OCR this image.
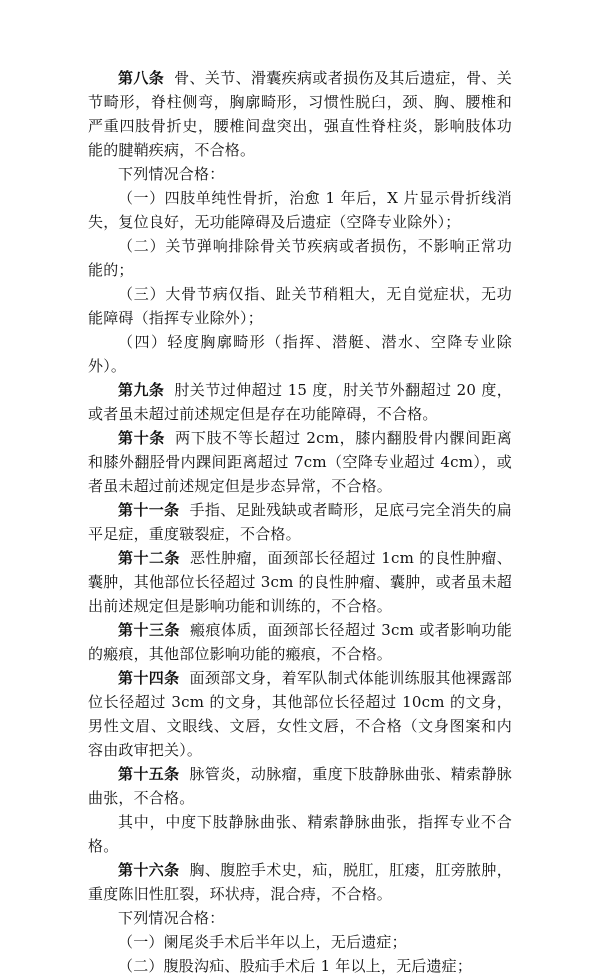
第八条 骨、关节、滑囊疾病或者损伤及其后遗症，骨、关节畸形，脊柱侧弯，胸廓畸形，习惯性脱臼，颈、胸、腰椎和严重四肢骨折史，腰椎间盘突出，强直性脊柱炎，影响肢体功能的腱鞘疾病，不合格。

下列情况合格：

（一）四肢单纯性骨折，治愈 1 年后，X 片显示骨折线消失，复位良好，无功能障碍及后遗症（空降专业除外）；

（二）关节弹响排除骨关节疾病或者损伤，不影响正常功能的；

（三）大骨节病仅指、趾关节稍粗大，无自觉症状，无功能障碍（指挥专业除外）；

（四）轻度胸廓畸形（指挥、潜艇、潜水、空降专业除外）。

第九条 肘关节过伸超过 15 度，肘关节外翻超过 20 度，或者虽未超过前述规定但是存在功能障碍，不合格。

第十条 两下肢不等长超过 2cm，膝内翻股骨内髁间距离和膝外翻胫骨内踝间距离超过 7cm（空降专业超过 4cm），或者虽未超过前述规定但是步态异常，不合格。

第十一条 手指、足趾残缺或者畸形，足底弓完全消失的扁平足症，重度皲裂症，不合格。

第十二条 恶性肿瘤，面颈部长径超过 1cm 的良性肿瘤、囊肿，其他部位长径超过 3cm 的良性肿瘤、囊肿，或者虽未超出前述规定但是影响功能和训练的，不合格。

第十三条 瘢痕体质，面颈部长径超过 3cm 或者影响功能的瘢痕，其他部位影响功能的瘢痕，不合格。

第十四条 面颈部文身，着军队制式体能训练服其他裸露部位长径超过 3cm 的文身，其他部位长径超过 10cm 的文身，男性文眉、文眼线、文唇，女性文唇，不合格（文身图案和内容由政审把关）。

第十五条 脉管炎，动脉瘤，重度下肢静脉曲张、精索静脉曲张，不合格。

其中，中度下肢静脉曲张、精索静脉曲张，指挥专业不合格。

第十六条 胸、腹腔手术史，疝，脱肛，肛瘘，肛旁脓肿，重度陈旧性肛裂，环状痔，混合痔，不合格。

下列情况合格：

（一）阑尾炎手术后半年以上，无后遗症；

（二）腹股沟疝、股疝手术后 1 年以上，无后遗症；
